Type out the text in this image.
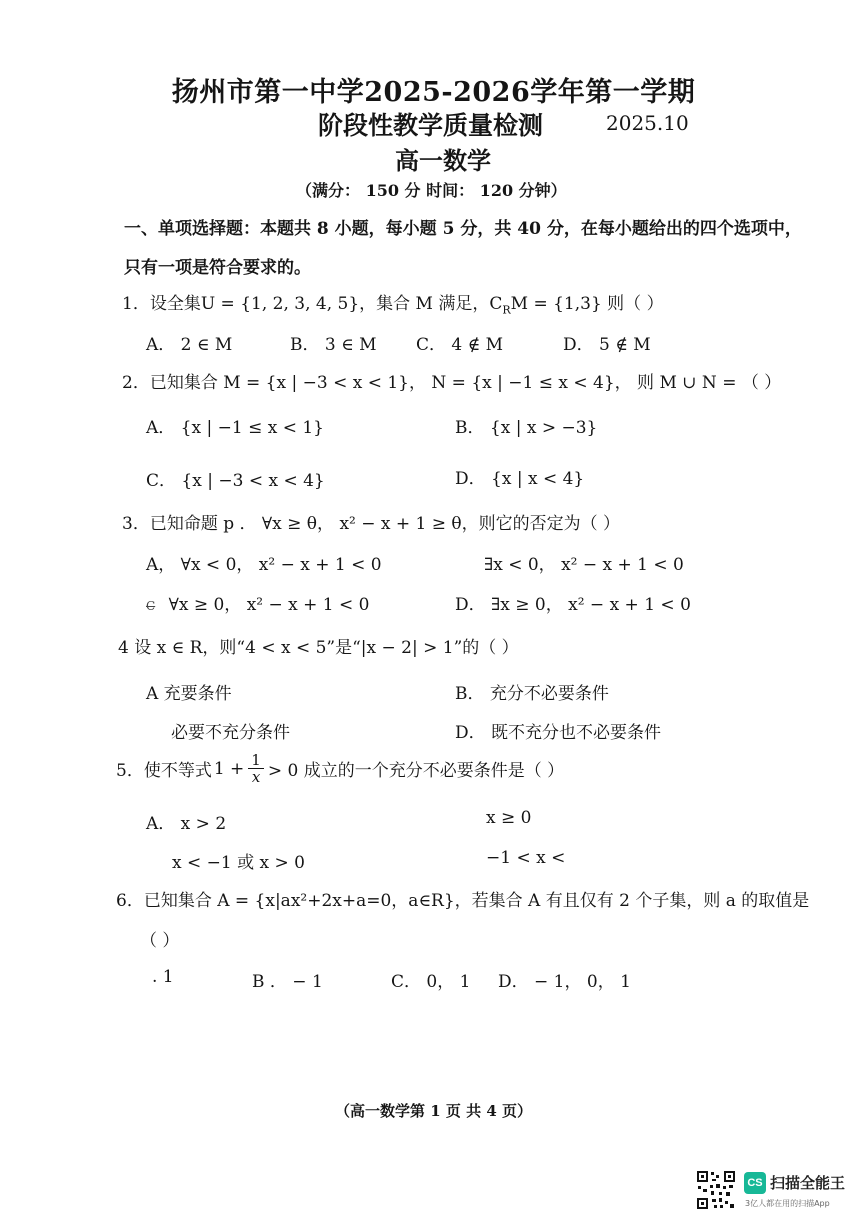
扬州市第一中学2025-2026学年第一学期
阶段性教学质量检测	2025.10
高一数学
（满分： 150 分 时间： 120 分钟）
一、单项选择题：本题共 8 小题，每小题 5 分，共 40 分，在每小题给出的四个选项中，
只有一项是符合要求的。
1．设全集U = {1, 2, 3, 4, 5}，集合 M 满足，$C_RM = \{1,3\}$ 则（ ）
A． 2 ∈ M	B． 3 ∈ M C． 4 ∉ M	D． 5 ∉ M
2．已知集合 M = {x | −3 < x < 1}， N = {x | −1 ≤ x < 4}， 则 M ∪ N = （ ）
A． {x | −1 ≤ x < 1}	B． {x | x > −3}
C． {x | −3 < x < 4}	D． {x | x < 4}
3．已知命题 p ． ∀x ≥ θ， x² − x + 1 ≥ θ，则它的否定为（ ）
A， ∀x < 0， x² − x + 1 < 0	∃x < 0， x² − x + 1 < 0
C ∀x ≥ 0， x² − x + 1 < 0	D． ∃x ≥ 0， x² − x + 1 < 0
4 设 x ∈ R，则“4 < x < 5”是“|x − 2| > 1”的（ ）
A 充要条件	B． 充分不必要条件
必要不充分条件	D． 既不充分也不必要条件
5．使不等式 $1 + \frac{1}{x} > 0$ 成立的一个充分不必要条件是（ ）
A． x > 2	x ≥ 0
x < −1 或 x > 0	−1 < x <
6．已知集合 A = {x|ax²+2x+a=0，a∈R}，若集合 A 有且仅有 2 个子集，则 a 的取值是
（ ）
. 1	B ． − 1	C． 0， 1 D． − 1， 0， 1
（高一数学第 1 页 共 4 页）
CS 扫描全能王
3亿人都在用的扫描App
